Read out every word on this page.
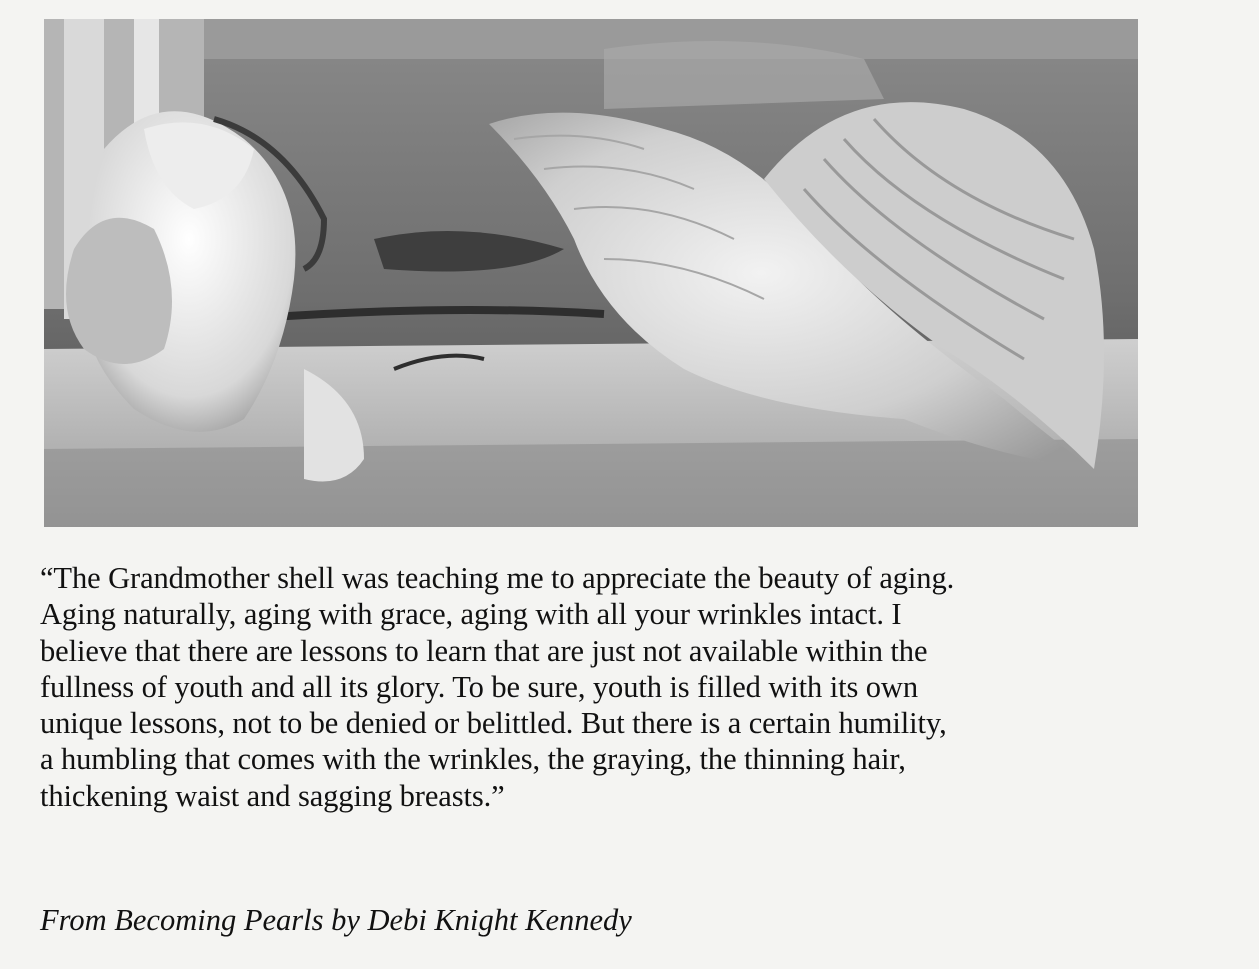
“The Grandmother shell was teaching me to appreciate the beauty of aging.
Aging naturally, aging with grace, aging with all your wrinkles intact. I
believe that there are lessons to learn that are just not available within the
fullness of youth and all its glory. To be sure, youth is filled with its own
unique lessons, not to be denied or belittled. But there is a certain humility,
a humbling that comes with the wrinkles, the graying, the thinning hair,
thickening waist and sagging breasts.”

From Becoming Pearls by Debi Knight Kennedy
